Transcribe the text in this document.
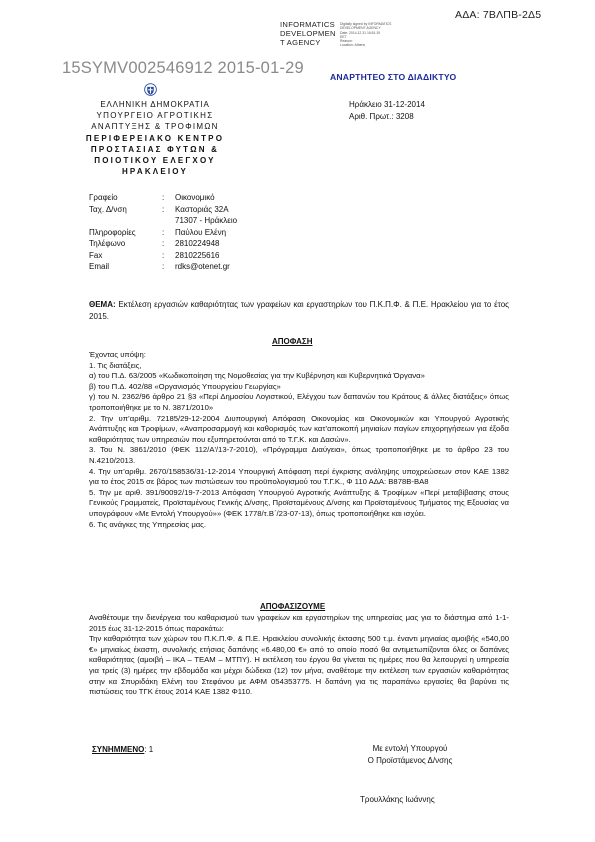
ΑΔΑ: 7ΒΛΠΒ-2Δ5
INFORMATICS
DEVELOPMEN
T AGENCY
Digitally signed by INFORMATICS
DEVELOPMENT AGENCY
Date: 2014.12.31 16:51:19
EET
Reason:
Location: Athens
15SYMV002546912 2015-01-29	ΑΝΑΡΤΗΤΕΟ ΣΤΟ ΔΙΑΔΙΚΤΥΟ
ΕΛΛΗΝΙΚΗ ΔΗΜΟΚΡΑΤΙΑ
ΥΠΟΥΡΓΕΙΟ ΑΓΡΟΤΙΚΗΣ
ΑΝΑΠΤΥΞΗΣ & ΤΡΟΦΙΜΩΝ
ΠΕΡΙΦΕΡΕΙΑΚΟ ΚΕΝΤΡΟ
ΠΡΟΣΤΑΣΙΑΣ ΦΥΤΩΝ &
ΠΟΙΟΤΙΚΟΥ ΕΛΕΓΧΟΥ
ΗΡΑΚΛΕΙΟΥ
Ηράκλειο 31-12-2014
Αριθ. Πρωτ.: 3208
Γραφείο	: Οικονομικό
Ταχ. Δ/νση	: Καστοριάς 32Α
71307 - Ηράκλειο
Πληροφορίες	: Παύλου Ελένη
Τηλέφωνο	: 2810224948
Fax	: 2810225616
Email	: rdks@otenet.gr
ΘΕΜΑ: Εκτέλεση εργασιών καθαριότητας των γραφείων και εργαστηρίων του Π.Κ.Π.Φ. & Π.Ε. Ηρακλείου για το έτος 2015.
ΑΠΟΦΑΣΗ
Έχοντας υπόψη:
1. Τις διατάξεις,
α) του Π.Δ. 63/2005 «Κωδικοποίηση της Νομοθεσίας για την Κυβέρνηση και Κυβερνητικά Όργανα»
β) του Π.Δ. 402/88 «Οργανισμός Υπουργείου Γεωργίας»
γ) του Ν. 2362/96 άρθρο 21 §3 «Περί Δημοσίου Λογιστικού, Ελέγχου των δαπανών του Κράτους & άλλες διατάξεις» όπως τροποποιήθηκε με το Ν. 3871/2010»
2. Την υπ’αριθμ. 72185/29-12-2004 Διυπουργική Απόφαση Οικονομίας και Οικονομικών και Υπουργού Αγροτικής Ανάπτυξης και Τροφίμων, «Αναπροσαρμογή και καθορισμός των κατ’αποκοπή μηνιαίων παγίων επιχορηγήσεων για έξοδα καθαριότητας των υπηρεσιών που εξυπηρετούνται από το Τ.Γ.Κ. και Δασών».
3. Του Ν. 3861/2010 (ΦΕΚ 112/Α'/13-7-2010), «Πρόγραμμα Διαύγεια», όπως τροποποιήθηκε με το άρθρο 23 του Ν.4210/2013.
4. Την υπ’αριθμ. 2670/158536/31-12-2014 Υπουργική Απόφαση περί έγκρισης ανάληψης υποχρεώσεων στον ΚΑΕ 1382 για το έτος 2015 σε βάρος των πιστώσεων του προϋπολογισμού του Τ.Γ.Κ., Φ 110 ΑΔΑ: Β878Β-ΒΑ8
5. Την με αριθ. 391/90092/19-7-2013 Απόφαση Υπουργού Αγροτικής Ανάπτυξης & Τροφίμων «Περί μεταβίβασης στους Γενικούς Γραμματείς, Προϊσταμένους Γενικής Δ/νσης, Προϊσταμένους Δ/νσης και Προϊσταμένους Τμήματος της Εξουσίας να υπογράφουν «Με Εντολή Υπουργού»» (ΦΕΚ 1778/τ.Β΄/23-07-13), όπως τροποποιήθηκε και ισχύει.
6. Τις ανάγκες της Υπηρεσίας μας.
ΑΠΟΦΑΣΙΖΟΥΜΕ
Αναθέτουμε την διενέργεια του καθαρισμού των γραφείων και εργαστηρίων της υπηρεσίας μας για το διάστημα από 1-1-2015 έως 31-12-2015 όπως παρακάτω:
Την καθαριότητα των χώρων του Π.Κ.Π.Φ. & Π.Ε. Ηρακλείου συνολικής έκτασης 500 τ.μ. έναντι μηνιαίας αμοιβής «540,00 €» μηνιαίως έκαστη, συνολικής ετήσιας δαπάνης «6.480,00 €» από το οποίο ποσό θα αντιμετωπίζονται όλες οι δαπάνες καθαριότητας (αμοιβή – ΙΚΑ – ΤΕΑΜ – ΜΤΠΥ). Η εκτέλεση του έργου θα γίνεται τις ημέρες που θα λειτουργεί η υπηρεσία για τρείς (3) ημέρες την εβδομάδα και μέχρι δώδεκα (12) τον μήνα, αναθέτομε την εκτέλεση των εργασιών καθαριότητας στην κα Σπυριδάκη Ελένη του Στεφάνου με ΑΦΜ 054353775. Η δαπάνη για τις παραπάνω εργασίες θα βαρύνει τις πιστώσεις του ΤΓΚ έτους 2014 ΚΑΕ 1382 Φ110.
ΣΥΝΗΜΜΕΝΟ: 1	Με εντολή Υπουργού
Ο Προϊστάμενος Δ/νσης
Τρουλλάκης Ιωάννης
